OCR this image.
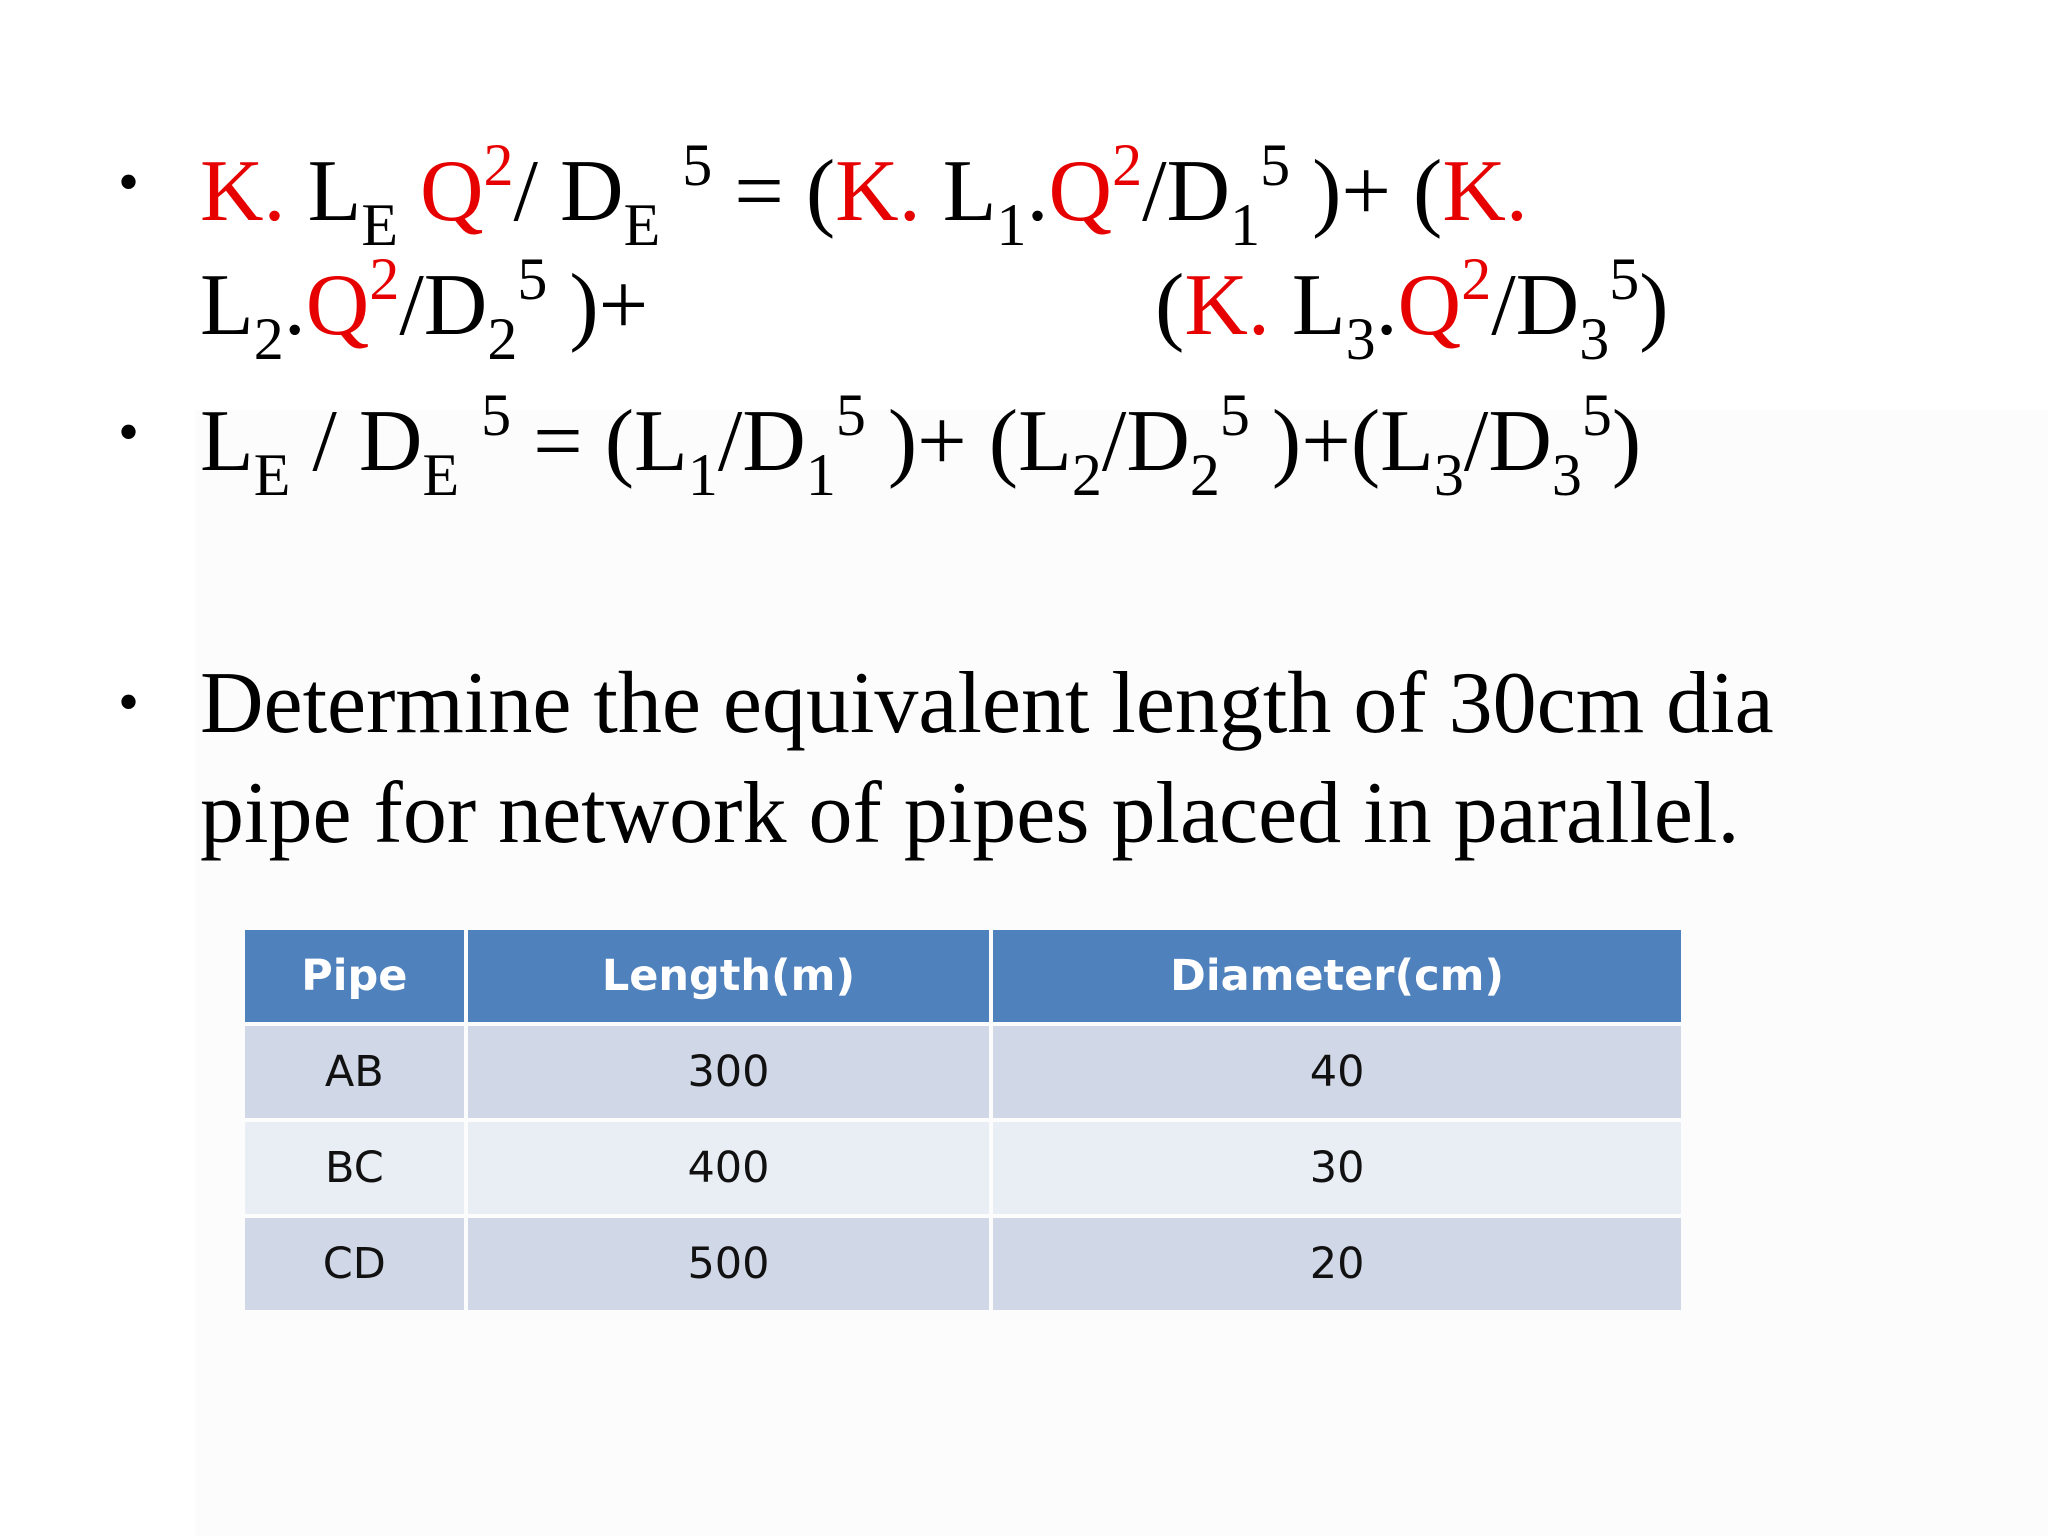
• K. $L_E$ $Q^2/$ $D_E$ $^5$ = (K. $L_1.Q^2/D_1^5$ )+ (K.
$L_2.Q^2/D_2^5$ )+	(K. $L_3.Q^2/D_3^5$)
• $L_E / D_E$ $^5 = (L_1/D_1^5$ )+ ($L_2/D_2^5$ )$+(L_3/D_3^5)$
• Determine the equivalent length of 30cm dia
pipe for network of pipes placed in parallel.
Pipe	Length(m)	Diameter(cm)
AB	300	40
BC	400	30
CD	500	20
